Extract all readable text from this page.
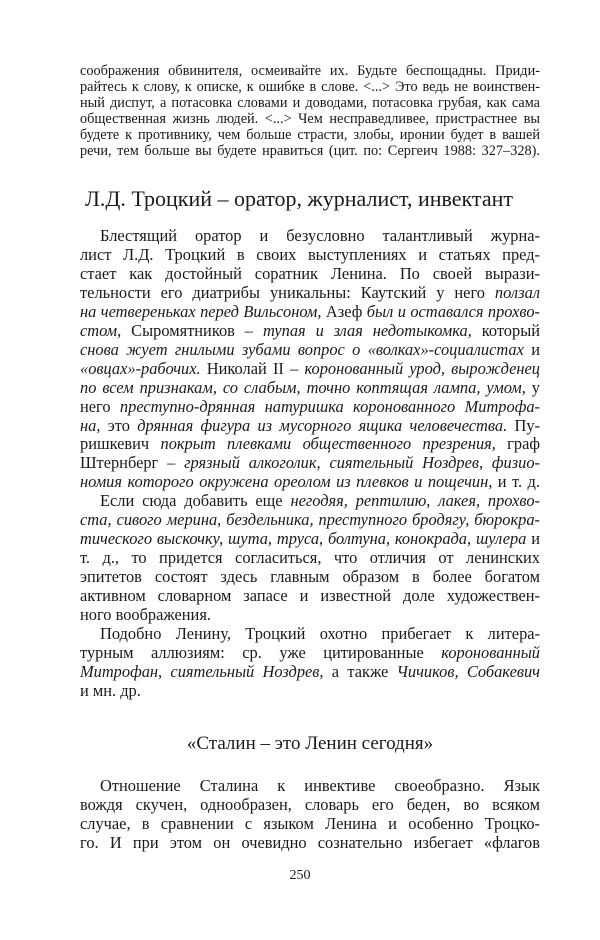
соображения обвинителя, осмеивайте их. Будьте беспощадны. Приди-
райтесь к слову, к описке, к ошибке в слове. <...> Это ведь не воинствен-
ный диспут, а потасовка словами и доводами, потасовка грубая, как сама
общественная жизнь людей. <...> Чем несправедливее, пристрастнее вы
будете к противнику, чем больше страсти, злобы, иронии будет в вашей
речи, тем больше вы будете нравиться (цит. по: Сергеич 1988: 327–328).
Л.Д. Троцкий – оратор, журналист, инвектант
Блестящий оратор и безусловно талантливый журна-
лист Л.Д. Троцкий в своих выступлениях и статьях пред-
стает как достойный соратник Ленина. По своей вырази-
тельности его диатрибы уникальны: Каутский у него ползал
на четвереньках перед Вильсоном, Азеф был и оставался прохво-
стом, Сыромятников – тупая и злая недотыкомка, который
снова жует гнилыми зубами вопрос о «волках»-социалистах и
«овцах»-рабочих. Николай II – коронованный урод, вырожденец
по всем признакам, со слабым, точно коптящая лампа, умом, у
него преступно-дрянная натуришка коронованного Митрофа-
на, это дрянная фигура из мусорного ящика человечества. Пу-
ришкевич покрыт плевками общественного презрения, граф
Штернберг – грязный алкоголик, сиятельный Ноздрев, физио-
номия которого окружена ореолом из плевков и пощечин, и т. д.
Если сюда добавить еще негодяя, рептилию, лакея, прохво-
ста, сивого мерина, бездельника, преступного бродягу, бюрокра-
тического выскочку, шута, труса, болтуна, конокрада, шулера и
т. д., то придется согласиться, что отличия от ленинских
эпитетов состоят здесь главным образом в более богатом
активном словарном запасе и известной доле художествен-
ного воображения.
Подобно Ленину, Троцкий охотно прибегает к литера-
турным аллюзиям: ср. уже цитированные коронованный
Митрофан, сиятельный Ноздрев, а также Чичиков, Собакевич
и мн. др.
«Сталин – это Ленин сегодня»
Отношение Сталина к инвективе своеобразно. Язык
вождя скучен, однообразен, словарь его беден, во всяком
случае, в сравнении с языком Ленина и особенно Троцко-
го. И при этом он очевидно сознательно избегает «флагов
250
